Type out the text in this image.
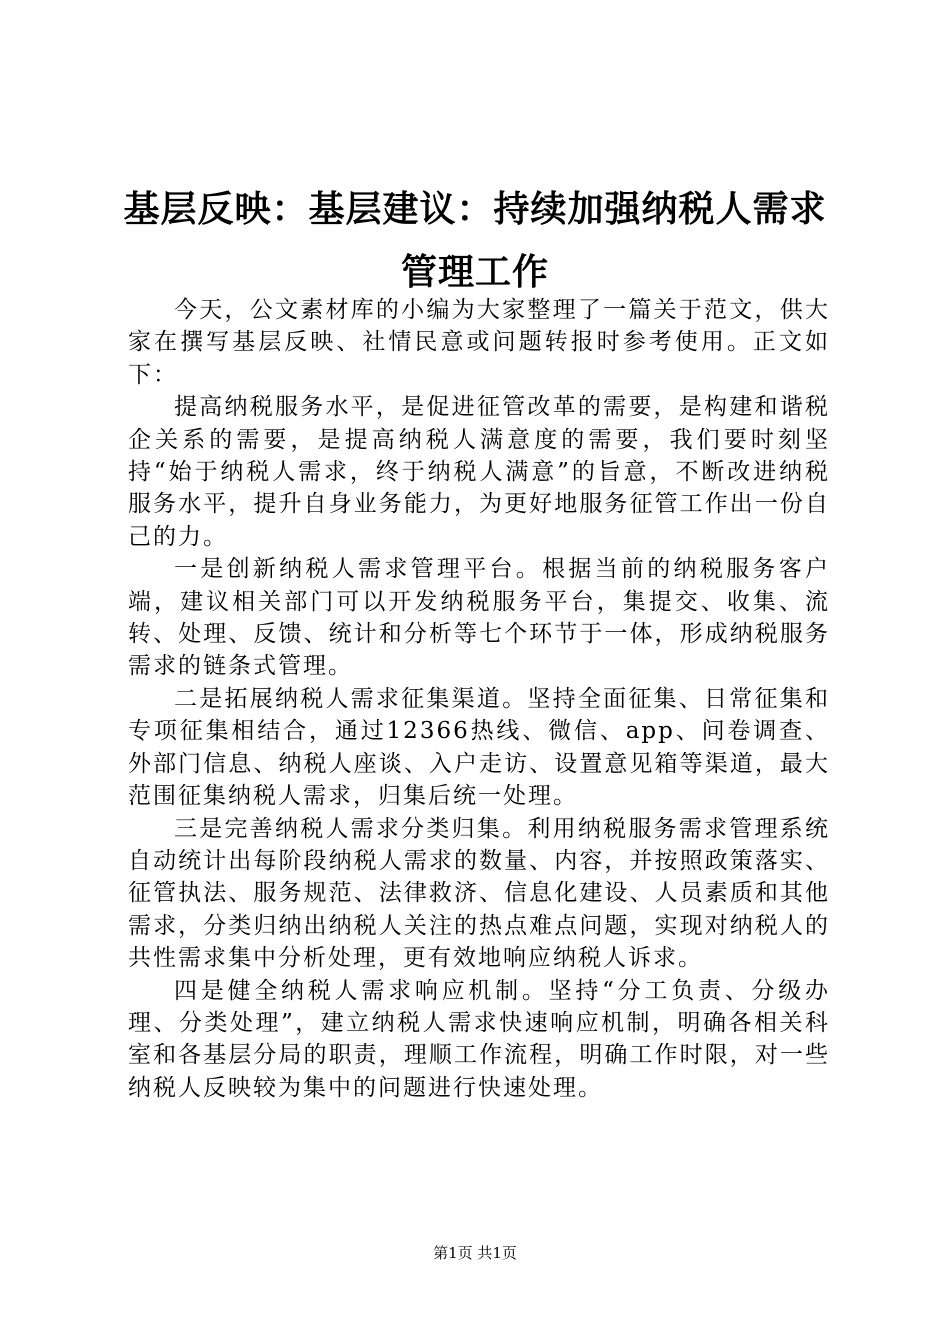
基层反映：基层建议：持续加强纳税人需求管理工作

今天，公文素材库的小编为大家整理了一篇关于范文，供大家在撰写基层反映、社情民意或问题转报时参考使用。正文如下：

提高纳税服务水平，是促进征管改革的需要，是构建和谐税企关系的需要，是提高纳税人满意度的需要，我们要时刻坚持“始于纳税人需求，终于纳税人满意”的旨意，不断改进纳税服务水平，提升自身业务能力，为更好地服务征管工作出一份自己的力。

一是创新纳税人需求管理平台。根据当前的纳税服务客户端，建议相关部门可以开发纳税服务平台，集提交、收集、流转、处理、反馈、统计和分析等七个环节于一体，形成纳税服务需求的链条式管理。

二是拓展纳税人需求征集渠道。坚持全面征集、日常征集和专项征集相结合，通过12366热线、微信、app、问卷调查、外部门信息、纳税人座谈、入户走访、设置意见箱等渠道，最大范围征集纳税人需求，归集后统一处理。

三是完善纳税人需求分类归集。利用纳税服务需求管理系统自动统计出每阶段纳税人需求的数量、内容，并按照政策落实、征管执法、服务规范、法律救济、信息化建设、人员素质和其他需求，分类归纳出纳税人关注的热点难点问题，实现对纳税人的共性需求集中分析处理，更有效地响应纳税人诉求。

四是健全纳税人需求响应机制。坚持“分工负责、分级办理、分类处理”，建立纳税人需求快速响应机制，明确各相关科室和各基层分局的职责，理顺工作流程，明确工作时限，对一些纳税人反映较为集中的问题进行快速处理。

第1页 共1页
